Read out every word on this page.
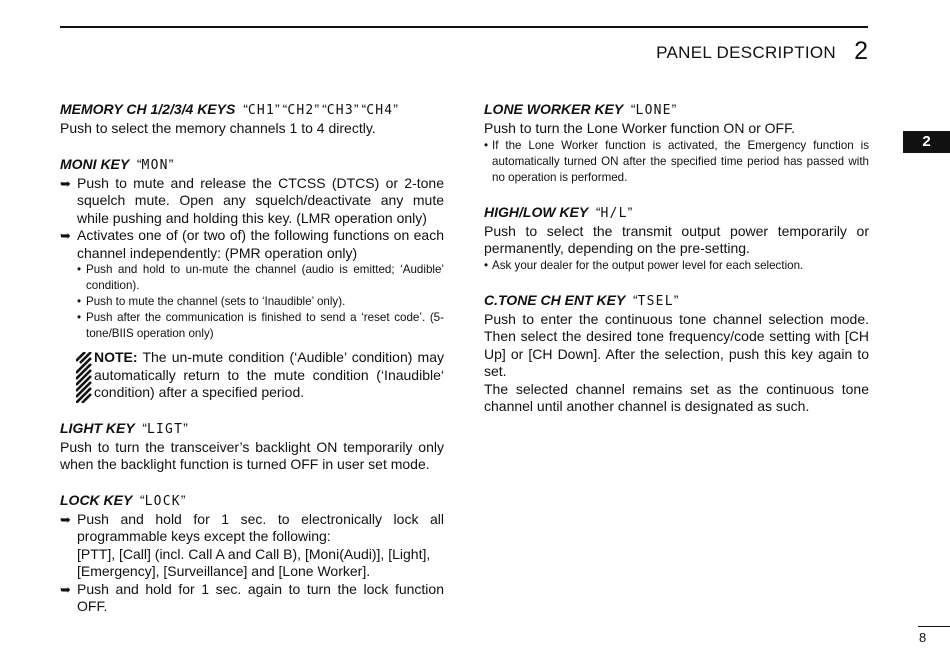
PANEL DESCRIPTION 2
2
MEMORY CH 1/2/3/4 KEYS “CH1” “CH2” “CH3” “CH4”
Push to select the memory channels 1 to 4 directly.
MONI KEY “MON”
➥ Push to mute and release the CTCSS (DTCS) or 2-tone squelch mute. Open any squelch/deactivate any mute while pushing and holding this key. (LMR operation only)
➥ Activates one of (or two of) the following functions on each channel independently: (PMR operation only)
• Push and hold to un-mute the channel (audio is emitted; ‘Audible’ condition).
• Push to mute the channel (sets to ‘Inaudible’ only).
• Push after the communication is finished to send a ‘reset code’. (5-tone/BIIS operation only)
NOTE: The un-mute condition (‘Audible’ condition) may automatically return to the mute condition (‘Inaudible‘ condition) after a specified period.
LIGHT KEY “LIGT”
Push to turn the transceiver’s backlight ON temporarily only when the backlight function is turned OFF in user set mode.
LOCK KEY “LOCK”
➥ Push and hold for 1 sec. to electronically lock all programmable keys except the following:
[PTT], [Call] (incl. Call A and Call B), [Moni(Audi)], [Light], [Emergency], [Surveillance] and [Lone Worker].
➥ Push and hold for 1 sec. again to turn the lock function OFF.
LONE WORKER KEY “LONE”
Push to turn the Lone Worker function ON or OFF.
• If the Lone Worker function is activated, the Emergency function is automatically turned ON after the specified time period has passed with no operation is performed.
HIGH/LOW KEY “H/L”
Push to select the transmit output power temporarily or permanently, depending on the pre-setting.
• Ask your dealer for the output power level for each selection.
C.TONE CH ENT KEY “TSEL”
Push to enter the continuous tone channel selection mode. Then select the desired tone frequency/code setting with [CH Up] or [CH Down]. After the selection, push this key again to set.
The selected channel remains set as the continuous tone channel until another channel is designated as such.
8
